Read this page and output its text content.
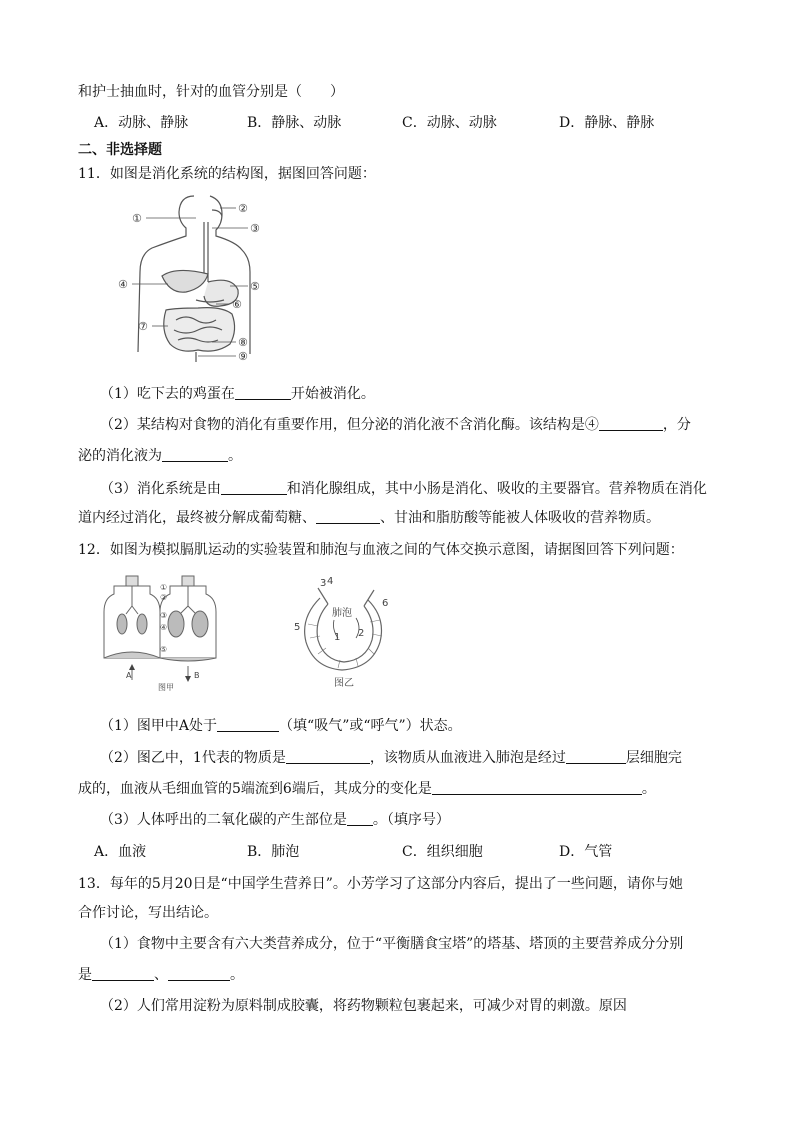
和护士抽血时，针对的血管分别是（　　）
A．动脉、静脉	B．静脉、动脉	C．动脉、动脉	D．静脉、静脉
二、非选择题
11．如图是消化系统的结构图，据图回答问题：
①
②
③
④	⑤
⑥
⑦
⑧
⑨
（1）吃下去的鸡蛋在	开始被消化。
（2）某结构对食物的消化有重要作用，但分泌的消化液不含消化酶。该结构是④	，分
泌的消化液为	。
（3）消化系统是由	和消化腺组成，其中小肠是消化、吸收的主要器官。营养物质在消化
道内经过消化，最终被分解成葡萄糖、	、甘油和脂肪酸等能被人体吸收的营养物质。
12．如图为模拟膈肌运动的实验装置和肺泡与血液之间的气体交换示意图，请据图回答下列问题：
①
②
③
④
⑤
A	B
图甲
肺泡
1 2
3 4
5
6
图乙
（1）图甲中A处于	（填“吸气”或“呼气”）状态。
（2）图乙中，1代表的物质是	，该物质从血液进入肺泡是经过	层细胞完
成的，血液从毛细血管的5端流到6端后，其成分的变化是	。
（3）人体呼出的二氧化碳的产生部位是 。（填序号）
A．血液	B．肺泡	C．组织细胞	D．气管
13．每年的5月20日是“中国学生营养日”。小芳学习了这部分内容后，提出了一些问题，请你与她
合作讨论，写出结论。
（1）食物中主要含有六大类营养成分，位于“平衡膳食宝塔”的塔基、塔顶的主要营养成分分别
是	、	。
（2）人们常用淀粉为原料制成胶囊，将药物颗粒包裹起来，可减少对胃的刺激。原因
